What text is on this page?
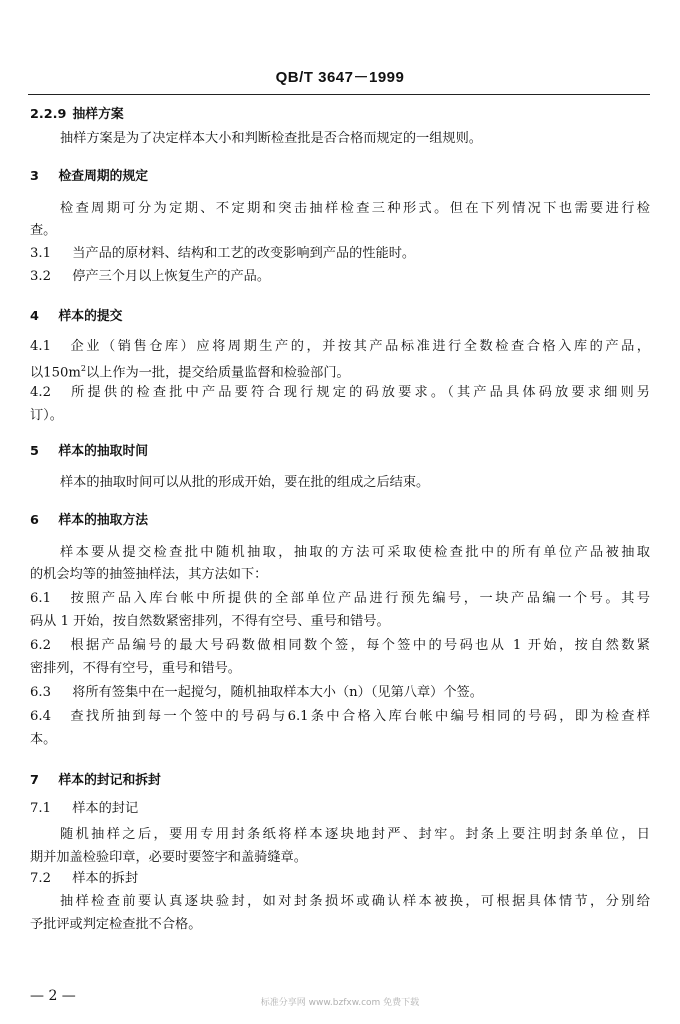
QB/T 3647－1999
2.2.9 抽样方案
抽样方案是为了决定样本大小和判断检查批是否合格而规定的一组规则。
3 检查周期的规定
检查周期可分为定期、不定期和突击抽样检查三种形式。但在下列情况下也需要进行检
查。
3.1 当产品的原材料、结构和工艺的改变影响到产品的性能时。
3.2 停产三个月以上恢复生产的产品。
4 样本的提交
4.1 企业（销售仓库）应将周期生产的，并按其产品标准进行全数检查合格入库的产品，
以$150m^2$以上作为一批，提交给质量监督和检验部门。
4.2 所提供的检查批中产品要符合现行规定的码放要求。（其产品具体码放要求细则另
订）。
5 样本的抽取时间
样本的抽取时间可以从批的形成开始，要在批的组成之后结束。
6 样本的抽取方法
样本要从提交检查批中随机抽取，抽取的方法可采取使检查批中的所有单位产品被抽取
的机会均等的抽签抽样法，其方法如下：
6.1 按照产品入库台帐中所提供的全部单位产品进行预先编号，一块产品编一个号。其号
码从 1 开始，按自然数紧密排列，不得有空号、重号和错号。
6.2 根据产品编号的最大号码数做相同数个签，每个签中的号码也从 1 开始，按自然数紧
密排列，不得有空号，重号和错号。
6.3 将所有签集中在一起搅匀，随机抽取样本大小（n）（见第八章）个签。
6.4 查找所抽到每一个签中的号码与6.1条中合格入库台帐中编号相同的号码，即为检查样
本。
7 样本的封记和拆封
7.1 样本的封记
随机抽样之后，要用专用封条纸将样本逐块地封严、封牢。封条上要注明封条单位，日
期并加盖检验印章，必要时要签字和盖骑缝章。
7.2 样本的拆封
抽样检查前要认真逐块验封，如对封条损坏或确认样本被换，可根据具体情节，分别给
予批评或判定检查批不合格。
— 2 —	标准分享网 www.bzfxw.com 免费下载
